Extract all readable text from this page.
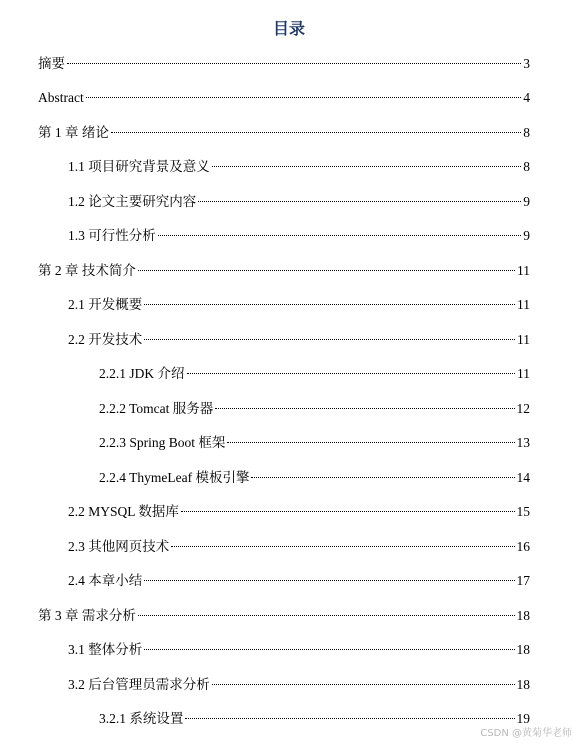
目录
摘要	3
Abstract	4
第 1 章 绪论	8
1.1 项目研究背景及意义	8
1.2 论文主要研究内容	9
1.3 可行性分析	9
第 2 章 技术简介	11
2.1 开发概要	11
2.2 开发技术	11
2.2.1 JDK 介绍	11
2.2.2 Tomcat 服务器	12
2.2.3 Spring Boot 框架	13
2.2.4 ThymeLeaf 模板引擎	14
2.2 MYSQL 数据库	15
2.3 其他网页技术	16
2.4 本章小结	17
第 3 章 需求分析	18
3.1 整体分析	18
3.2 后台管理员需求分析	18
3.2.1 系统设置	19
CSDN @黄菊华老师
